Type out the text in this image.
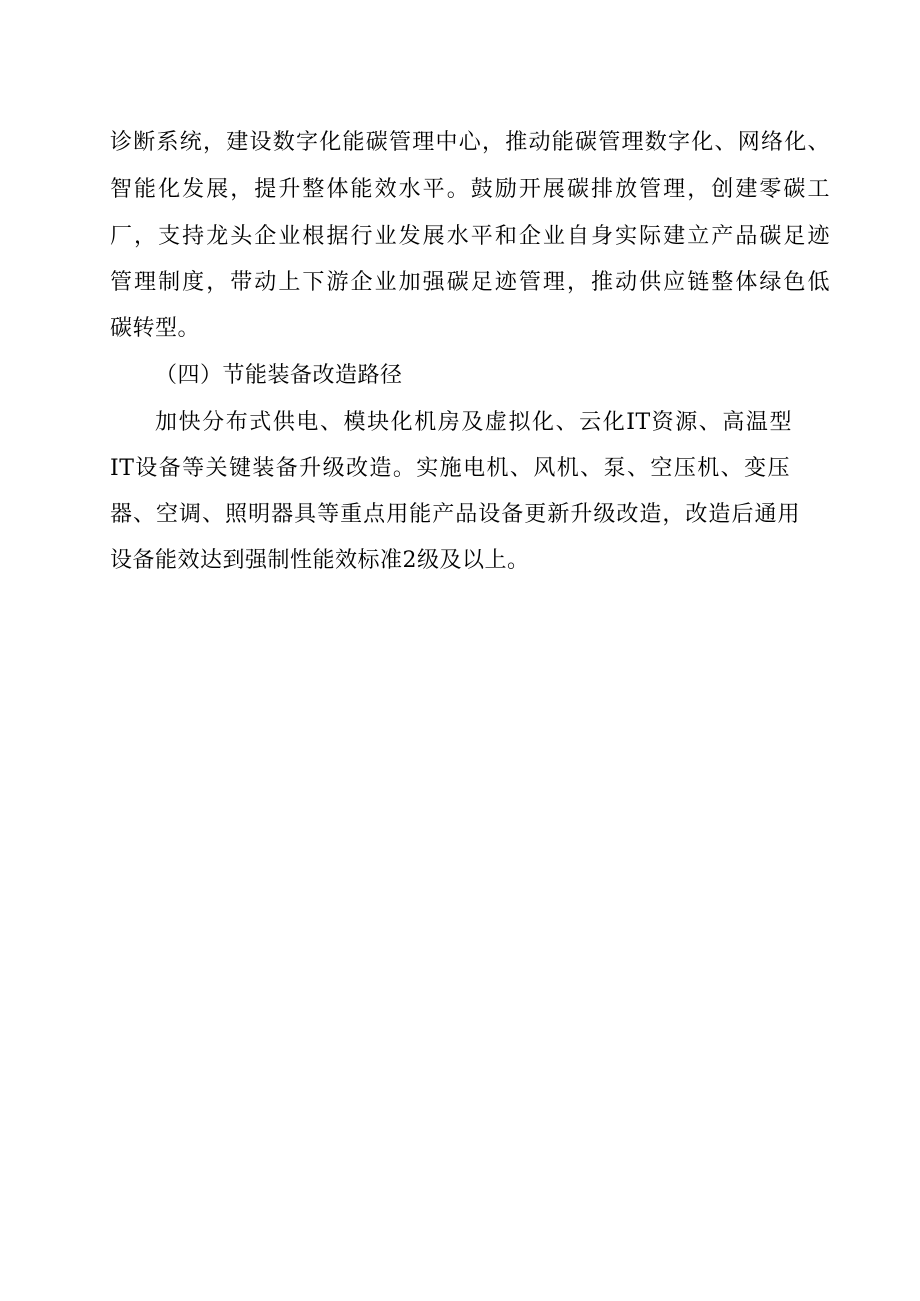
诊断系统，建设数字化能碳管理中心，推动能碳管理数字化、网络化、
智能化发展，提升整体能效水平。鼓励开展碳排放管理，创建零碳工
厂，支持龙头企业根据行业发展水平和企业自身实际建立产品碳足迹
管理制度，带动上下游企业加强碳足迹管理，推动供应链整体绿色低
碳转型。
（四）节能装备改造路径
加快分布式供电、模块化机房及虚拟化、云化IT资源、高温型
IT设备等关键装备升级改造。实施电机、风机、泵、空压机、变压
器、空调、照明器具等重点用能产品设备更新升级改造，改造后通用
设备能效达到强制性能效标准2级及以上。
